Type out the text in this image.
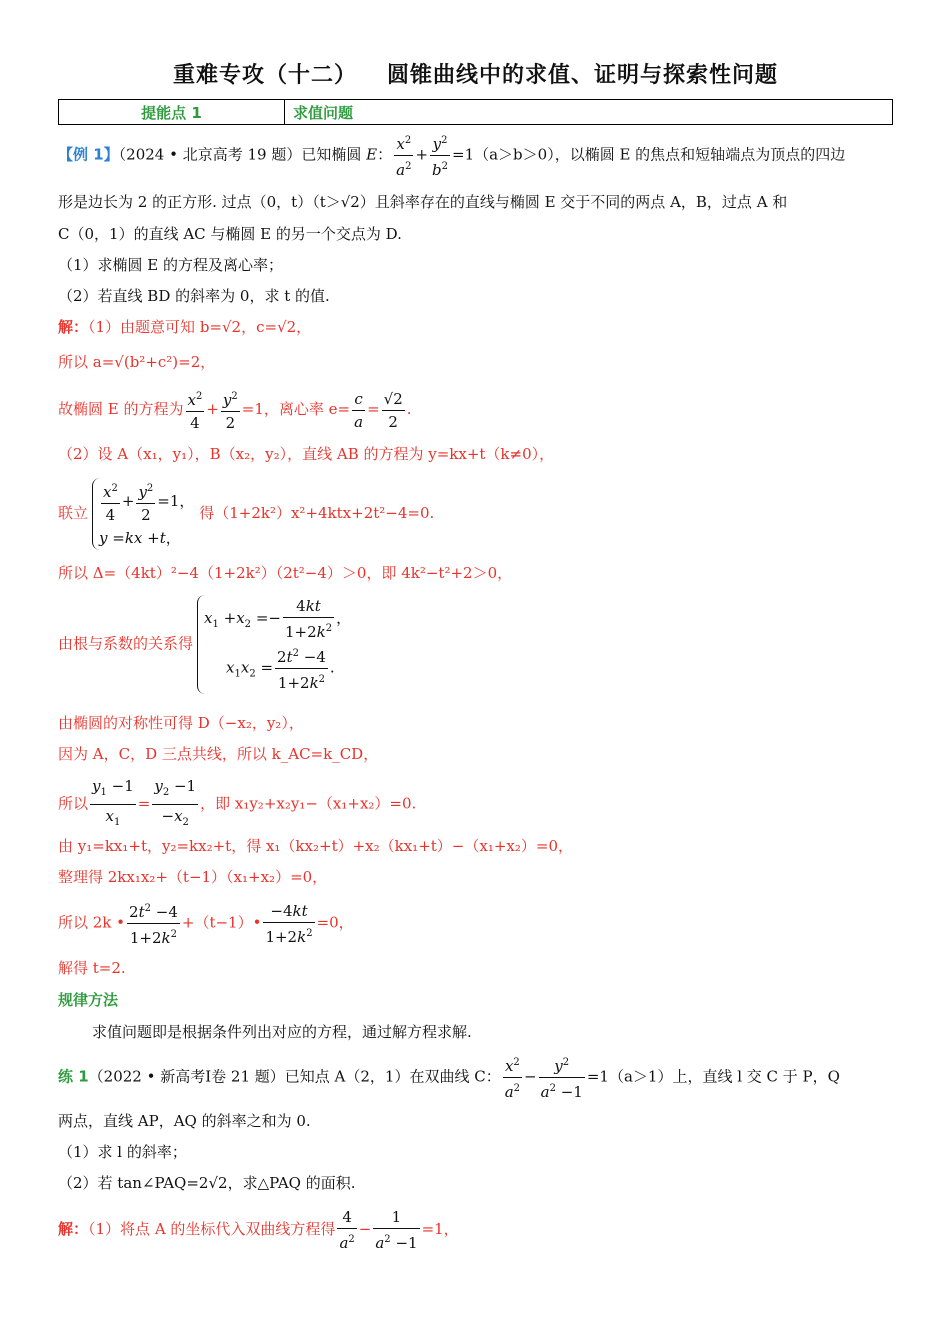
重难专攻（十二） 圆锥曲线中的求值、证明与探索性问题
提能点 1	求值问题
【例 1】（2024 • 北京高考 19 题）已知椭圆 E： $\frac{x^2}{a^2} + \frac{y^2}{b^2} =1(a>b>0)$，以椭圆 E 的焦点和短轴端点为顶点的四边
形是边长为 2 的正方形. 过点（0，t）（t＞√2）且斜率存在的直线与椭圆 E 交于不同的两点 A，B，过点 A 和
C（0，1）的直线 AC 与椭圆 E 的另一个交点为 D.
（1）求椭圆 E 的方程及离心率；
（2）若直线 BD 的斜率为 0，求 t 的值.
解：（1）由题意可知 b=√2，c=√2，
所以 a=√(b²+c²)=2，
故椭圆 E 的方程为 $\frac{x^2}{4} + \frac{y^2}{2} =1$，离心率 $e= \frac{c}{a} = \frac{√2}{2}$ .
（2）设 A（x₁，y₁），B（x₂，y₂），直线 AB 的方程为 y=kx+t（k≠0），
联立 $\frac{x^2}{4} + \frac{y^2}{2} =1$，
y =kx +t，
得（1+2k²）x²+4ktx+2t²−4=0.
所以 Δ=（4kt）²−4（1+2k²）（2t²−4）＞0，即 4k²−t²+2＞0，
由根与系数的关系得
$x_1 +x_2 =- \frac{4kt}{1+2k^2}$ ，
$x_1x_2 = \frac{2t^2 -4}{1+2k^2}$ .
由椭圆的对称性可得 D（−x₂，y₂），
因为 A，C，D 三点共线，所以 k_AC=k_CD，
所以 $\frac{y_1 -1}{x_1} = \frac{y_2 -1}{-x_2}$ ，即 x₁y₂+x₂y₁−（x₁+x₂）=0.
由 y₁=kx₁+t，y₂=kx₂+t，得 x₁（kx₂+t）+x₂（kx₁+t）−（x₁+x₂）=0，
整理得 2kx₁x₂+（t−1）（x₁+x₂）=0，
所以 2k • $\frac{2t^2 -4}{1+2k^2}$ +（t−1）• $\frac{-4kt}{1+2k^2} =0$，
解得 t=2.
规律方法
求值问题即是根据条件列出对应的方程，通过解方程求解.
练 1（2022 • 新高考Ⅰ卷 21 题）已知点 A（2，1）在双曲线 C： $\frac{x^2}{a^2} - \frac{y^2}{a^2 -1} =1(a>1)$上，直线 l 交 C 于 P，Q
两点，直线 AP，AQ 的斜率之和为 0.
（1）求 l 的斜率；
（2）若 tan∠PAQ=2√2，求△PAQ 的面积.
解：（1）将点 A 的坐标代入双曲线方程得 $\frac{4}{a^2} - \frac{1}{a^2 -1} =1$，
